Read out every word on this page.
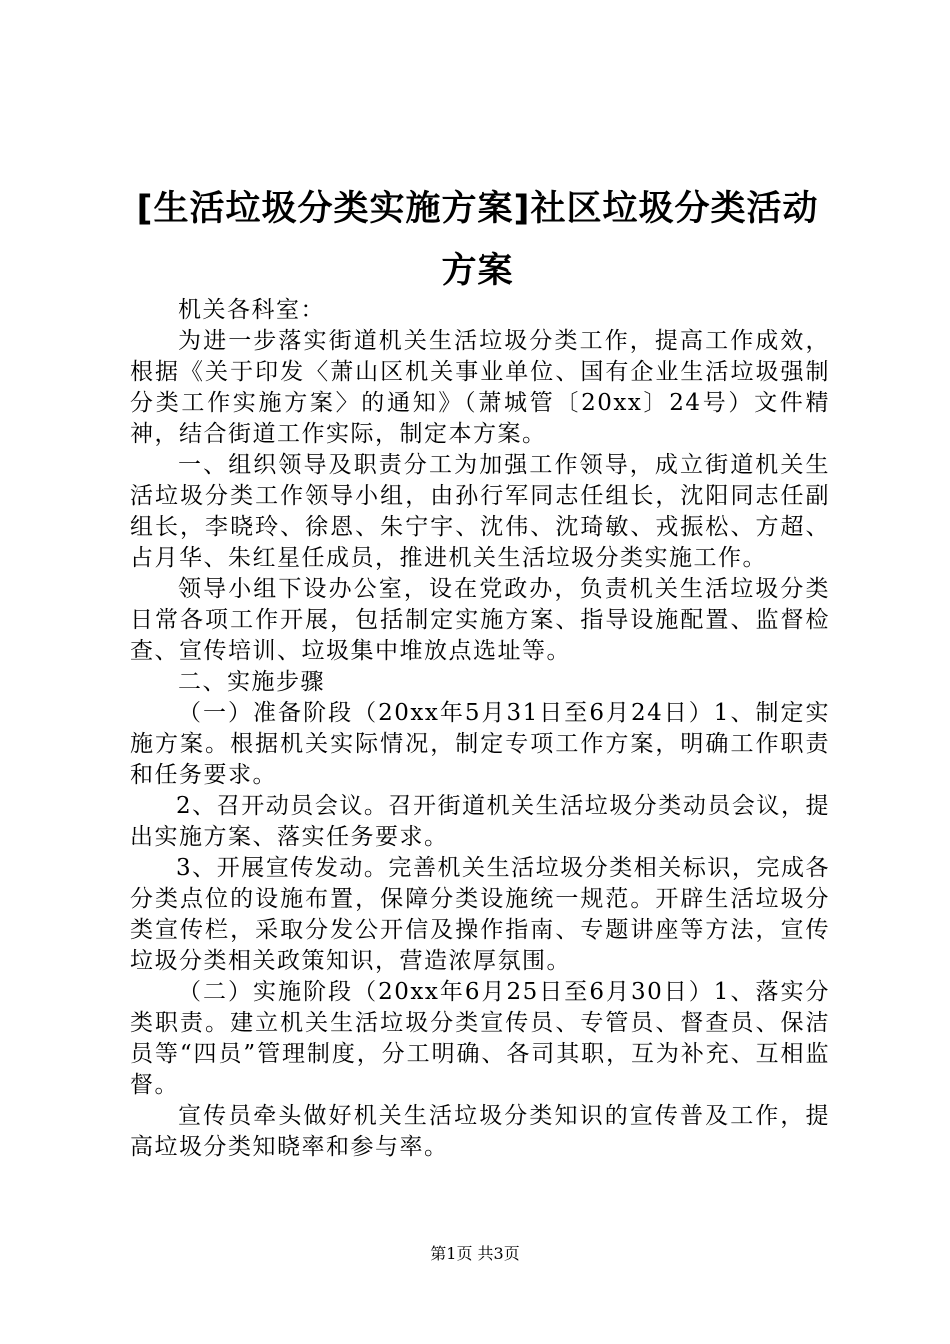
[生活垃圾分类实施方案]社区垃圾分类活动方案

机关各科室：

为进一步落实街道机关生活垃圾分类工作，提高工作成效，根据《关于印发〈萧山区机关事业单位、国有企业生活垃圾强制分类工作实施方案〉的通知》（萧城管〔20xx〕24号）文件精神，结合街道工作实际，制定本方案。

一、组织领导及职责分工为加强工作领导，成立街道机关生活垃圾分类工作领导小组，由孙行军同志任组长，沈阳同志任副组长，李晓玲、徐恩、朱宁宇、沈伟、沈琦敏、戎振松、方超、占月华、朱红星任成员，推进机关生活垃圾分类实施工作。

领导小组下设办公室，设在党政办，负责机关生活垃圾分类日常各项工作开展，包括制定实施方案、指导设施配置、监督检查、宣传培训、垃圾集中堆放点选址等。

二、实施步骤

（一）准备阶段（20xx年5月31日至6月24日）1、制定实施方案。根据机关实际情况，制定专项工作方案，明确工作职责和任务要求。

2、召开动员会议。召开街道机关生活垃圾分类动员会议，提出实施方案、落实任务要求。

3、开展宣传发动。完善机关生活垃圾分类相关标识，完成各分类点位的设施布置，保障分类设施统一规范。开辟生活垃圾分类宣传栏，采取分发公开信及操作指南、专题讲座等方法，宣传垃圾分类相关政策知识，营造浓厚氛围。

（二）实施阶段（20xx年6月25日至6月30日）1、落实分类职责。建立机关生活垃圾分类宣传员、专管员、督查员、保洁员等“四员”管理制度，分工明确、各司其职，互为补充、互相监督。

宣传员牵头做好机关生活垃圾分类知识的宣传普及工作，提高垃圾分类知晓率和参与率。

第1页 共3页
